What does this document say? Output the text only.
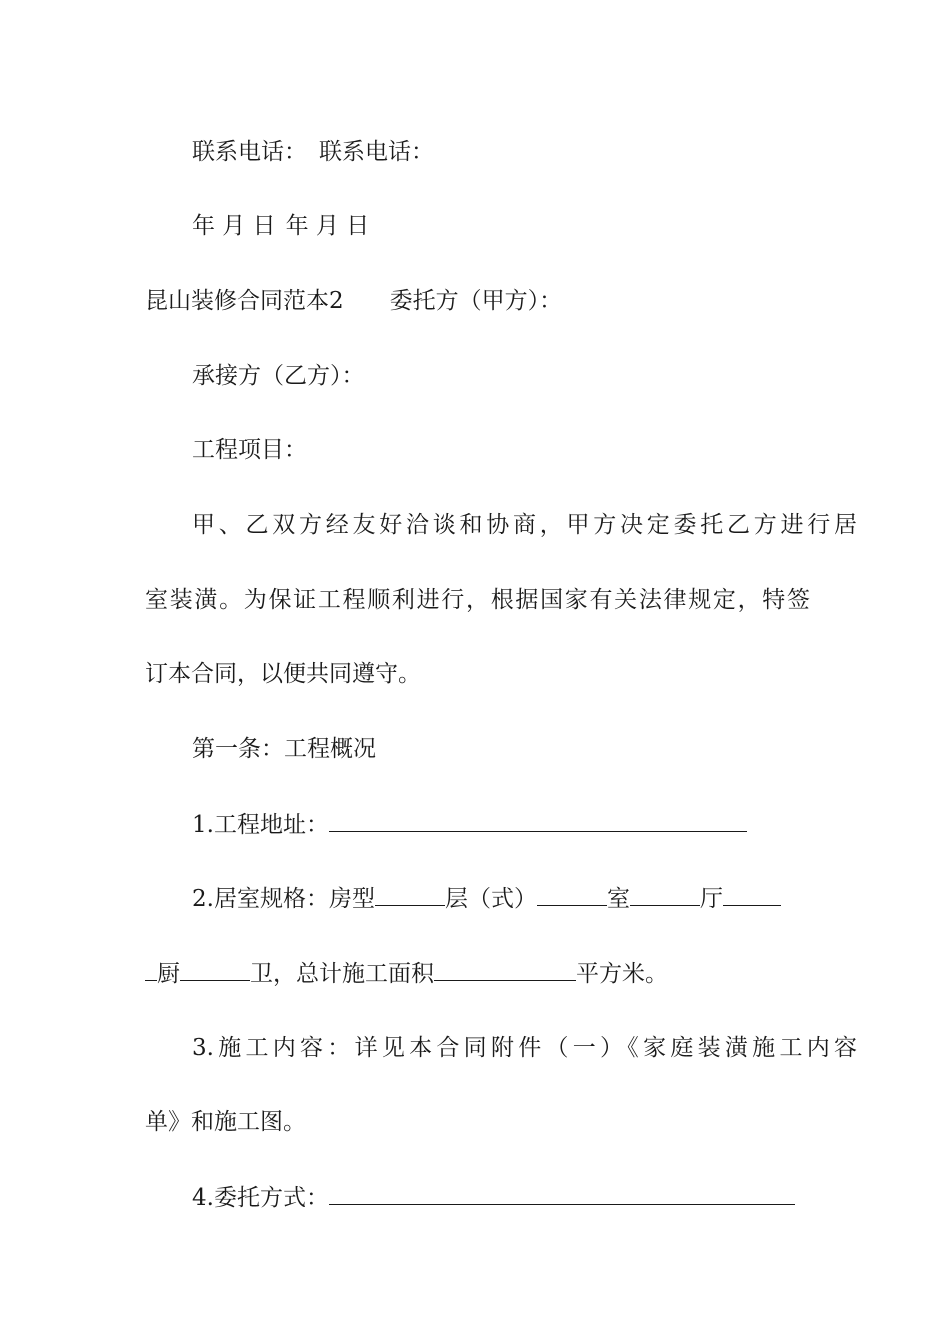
联系电话： 联系电话：
年 月 日 年 月 日
昆山装修合同范本2 委托方（甲方）：
承接方（乙方）：
工程项目：
甲、乙双方经友好洽谈和协商，甲方决定委托乙方进行居
室装潢。为保证工程顺利进行，根据国家有关法律规定，特签
订本合同，以便共同遵守。
第一条：工程概况
1.工程地址：
2.居室规格：房型	层（式）	室	厅
厨	卫，总计施工面积	平方米。
3.施工内容：详见本合同附件（一）《家庭装潢施工内容
单》和施工图。
4.委托方式：
